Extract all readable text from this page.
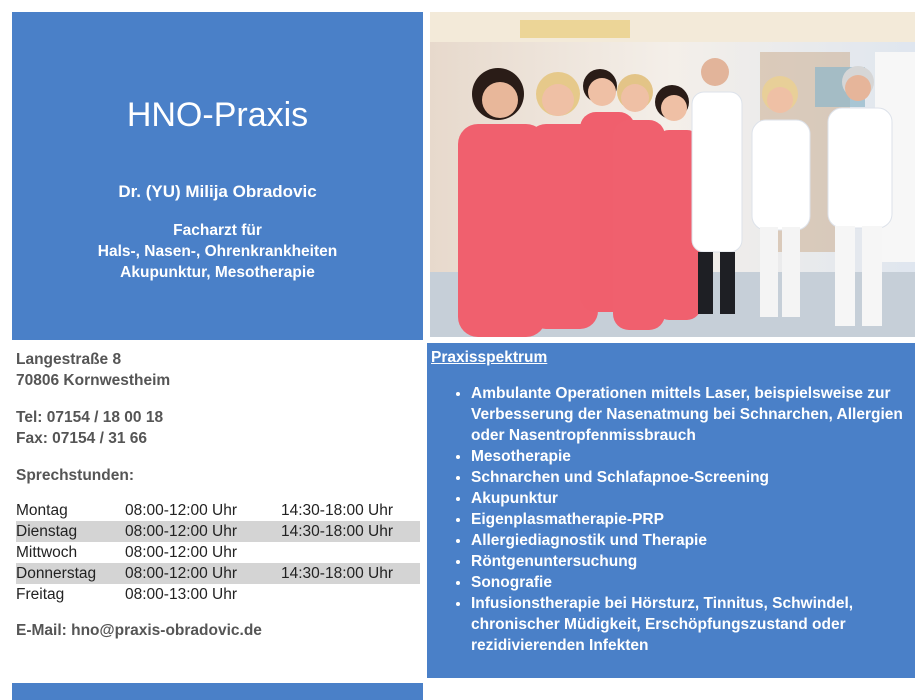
HNO-Praxis
Dr. (YU) Milija Obradovic
Facharzt für
Hals-, Nasen-, Ohrenkrankheiten
Akupunktur, Mesotherapie
Langestraße 8
70806 Kornwestheim
Tel: 07154 / 18 00 18
Fax: 07154 / 31 66
Sprechstunden:
Montag	08:00-12:00 Uhr	14:30-18:00 Uhr
Dienstag	08:00-12:00 Uhr	14:30-18:00 Uhr
Mittwoch	08:00-12:00 Uhr	
Donnerstag	08:00-12:00 Uhr	14:30-18:00 Uhr
Freitag	08:00-13:00 Uhr	
E-Mail: hno@praxis-obradovic.de
Praxisspektrum
• Ambulante Operationen mittels Laser, beispielsweise zur Verbesserung der Nasenatmung bei Schnarchen, Allergien oder Nasentropfenmissbrauch
• Mesotherapie
• Schnarchen und Schlafapnoe-Screening
• Akupunktur
• Eigenplasmatherapie-PRP
• Allergiediagnostik und Therapie
• Röntgenuntersuchung
• Sonografie
• Infusionstherapie bei Hörsturz, Tinnitus, Schwindel, chronischer Müdigkeit, Erschöpfungszustand oder rezidivierenden Infekten
